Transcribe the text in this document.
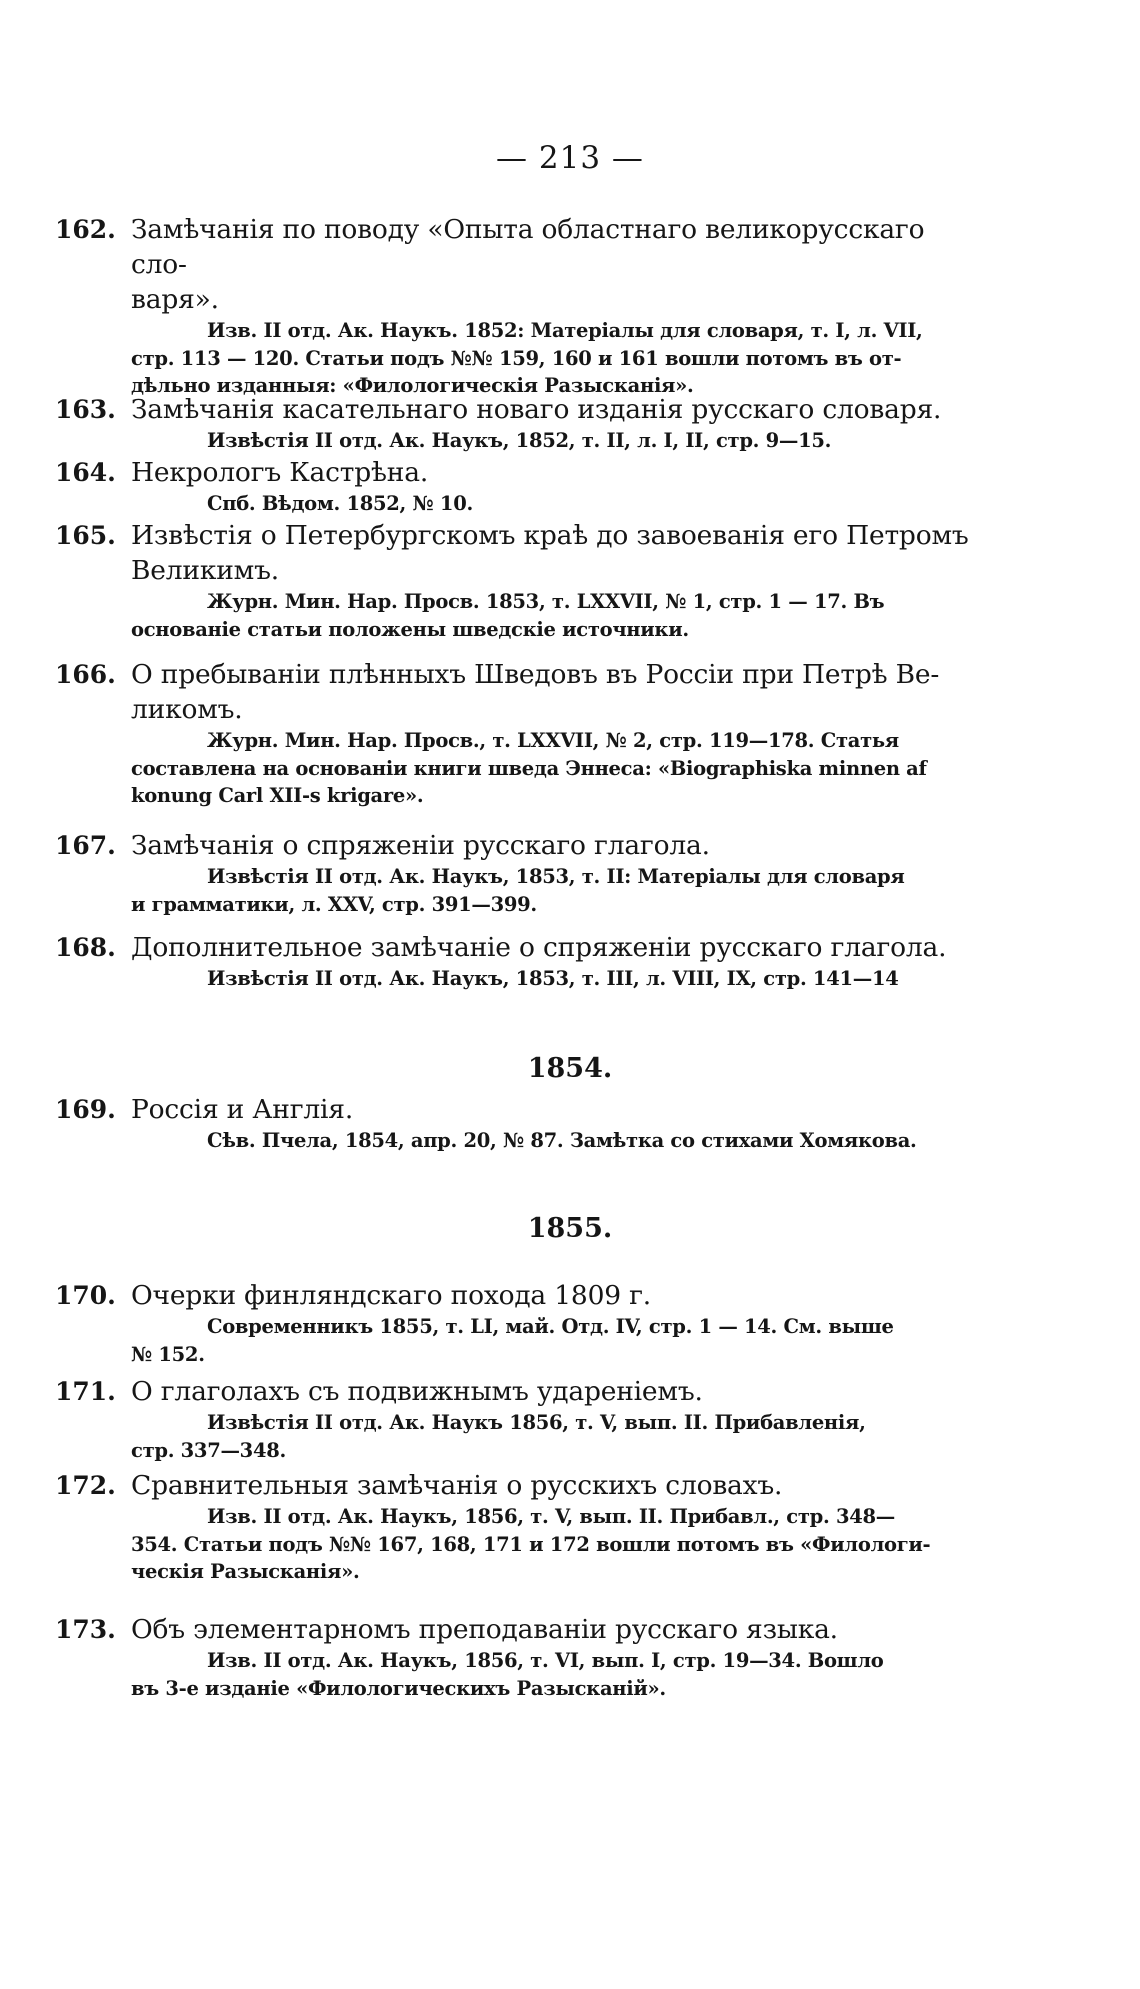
— 213 —
162. Замѣчанія по поводу «Опыта областнаго великорусскаго сло-
варя».
Изв. II отд. Ак. Наукъ. 1852: Матеріалы для словаря, т. I, л. VII,
стр. 113 — 120. Статьи подъ №№ 159, 160 и 161 вошли потомъ въ от-
дѣльно изданныя: «Филологическія Разысканія».
163. Замѣчанія касательнаго новаго изданія русскаго словаря.
Извѣстія II отд. Ак. Наукъ, 1852, т. II, л. I, II, стр. 9—15.
164. Некрологъ Кастрѣна.
Спб. Вѣдом. 1852, № 10.
165. Извѣстія о Петербургскомъ краѣ до завоеванія его Петромъ
Великимъ.
Журн. Мин. Нар. Просв. 1853, т. LXXVII, № 1, стр. 1 — 17. Въ
основаніе статьи положены шведскіе источники.
166. О пребываніи плѣнныхъ Шведовъ въ Россіи при Петрѣ Ве-
ликомъ.
Журн. Мин. Нар. Просв., т. LXXVII, № 2, стр. 119—178. Статья
составлена на основаніи книги шведа Эннеса: «Biographiska minnen af
konung Carl XII-s krigare».
167. Замѣчанія о спряженіи русскаго глагола.
Извѣстія II отд. Ак. Наукъ, 1853, т. II: Матеріалы для словаря
и грамматики, л. XXV, стр. 391—399.
168. Дополнительное замѣчаніе о спряженіи русскаго глагола.
Извѣстія II отд. Ак. Наукъ, 1853, т. III, л. VIII, IX, стр. 141—14
1854.
169. Россія и Англія.
Сѣв. Пчела, 1854, апр. 20, № 87. Замѣтка со стихами Хомякова.
1855.
170. Очерки финляндскаго похода 1809 г.
Современникъ 1855, т. LI, май. Отд. IV, стр. 1 — 14. См. выше
№ 152.
171. О глаголахъ съ подвижнымъ удареніемъ.
Извѣстія II отд. Ак. Наукъ 1856, т. V, вып. II. Прибавленія,
стр. 337—348.
172. Сравнительныя замѣчанія о русскихъ словахъ.
Изв. II отд. Ак. Наукъ, 1856, т. V, вып. II. Прибавл., стр. 348—
354. Статьи подъ №№ 167, 168, 171 и 172 вошли потомъ въ «Филологи-
ческія Разысканія».
173. Объ элементарномъ преподаваніи русскаго языка.
Изв. II отд. Ак. Наукъ, 1856, т. VI, вып. I, стр. 19—34. Вошло
въ 3-е изданіе «Филологическихъ Разысканій».
